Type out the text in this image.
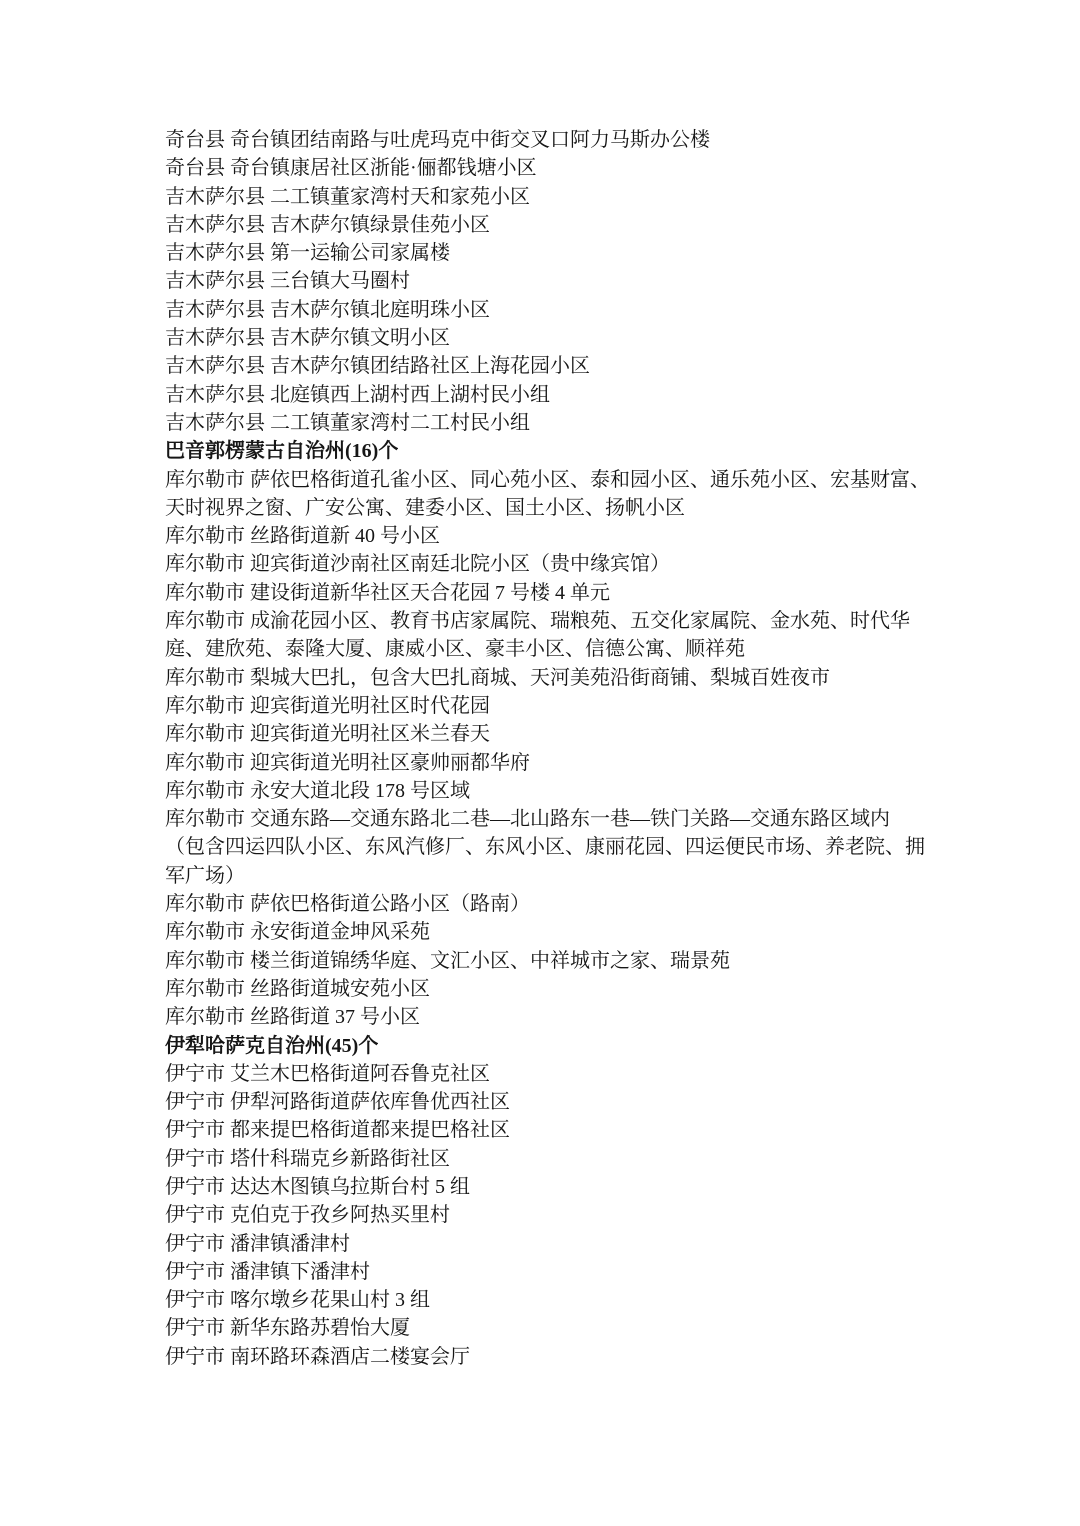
奇台县 奇台镇团结南路与吐虎玛克中街交叉口阿力马斯办公楼
奇台县 奇台镇康居社区浙能·俪都钱塘小区
吉木萨尔县 二工镇董家湾村天和家苑小区
吉木萨尔县 吉木萨尔镇绿景佳苑小区
吉木萨尔县 第一运输公司家属楼
吉木萨尔县 三台镇大马圈村
吉木萨尔县 吉木萨尔镇北庭明珠小区
吉木萨尔县 吉木萨尔镇文明小区
吉木萨尔县 吉木萨尔镇团结路社区上海花园小区
吉木萨尔县 北庭镇西上湖村西上湖村民小组
吉木萨尔县 二工镇董家湾村二工村民小组
巴音郭楞蒙古自治州(16)个
库尔勒市 萨依巴格街道孔雀小区、同心苑小区、泰和园小区、通乐苑小区、宏基财富、
天时视界之窗、广安公寓、建委小区、国土小区、扬帆小区
库尔勒市 丝路街道新 40 号小区
库尔勒市 迎宾街道沙南社区南廷北院小区（贵中缘宾馆）
库尔勒市 建设街道新华社区天合花园 7 号楼 4 单元
库尔勒市 成渝花园小区、教育书店家属院、瑞粮苑、五交化家属院、金水苑、时代华
庭、建欣苑、泰隆大厦、康威小区、豪丰小区、信德公寓、顺祥苑
库尔勒市 梨城大巴扎，包含大巴扎商城、天河美苑沿街商铺、梨城百姓夜市
库尔勒市 迎宾街道光明社区时代花园
库尔勒市 迎宾街道光明社区米兰春天
库尔勒市 迎宾街道光明社区豪帅丽都华府
库尔勒市 永安大道北段 178 号区域
库尔勒市 交通东路—交通东路北二巷—北山路东一巷—铁门关路—交通东路区域内
（包含四运四队小区、东风汽修厂、东风小区、康丽花园、四运便民市场、养老院、拥
军广场）
库尔勒市 萨依巴格街道公路小区（路南）
库尔勒市 永安街道金坤风采苑
库尔勒市 楼兰街道锦绣华庭、文汇小区、中祥城市之家、瑞景苑
库尔勒市 丝路街道城安苑小区
库尔勒市 丝路街道 37 号小区
伊犁哈萨克自治州(45)个
伊宁市 艾兰木巴格街道阿吞鲁克社区
伊宁市 伊犁河路街道萨依库鲁优西社区
伊宁市 都来提巴格街道都来提巴格社区
伊宁市 塔什科瑞克乡新路街社区
伊宁市 达达木图镇乌拉斯台村 5 组
伊宁市 克伯克于孜乡阿热买里村
伊宁市 潘津镇潘津村
伊宁市 潘津镇下潘津村
伊宁市 喀尔墩乡花果山村 3 组
伊宁市 新华东路苏碧怡大厦
伊宁市 南环路环森酒店二楼宴会厅
